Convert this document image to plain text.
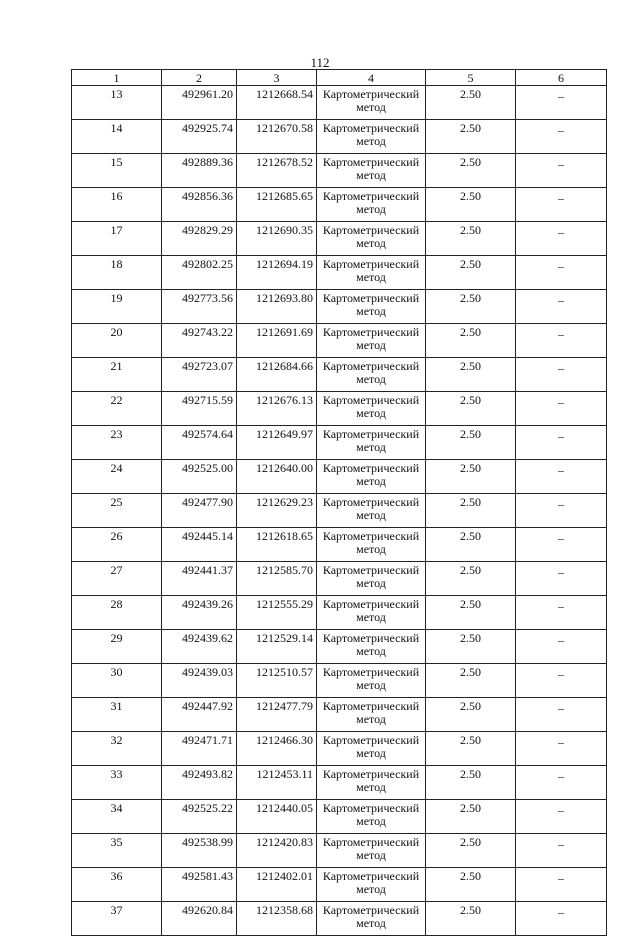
112
1	2	3	4	5	6
13	492961.20	1212668.54	Картометрический метод	2.50	–
14	492925.74	1212670.58	Картометрический метод	2.50	–
15	492889.36	1212678.52	Картометрический метод	2.50	–
16	492856.36	1212685.65	Картометрический метод	2.50	–
17	492829.29	1212690.35	Картометрический метод	2.50	–
18	492802.25	1212694.19	Картометрический метод	2.50	–
19	492773.56	1212693.80	Картометрический метод	2.50	–
20	492743.22	1212691.69	Картометрический метод	2.50	–
21	492723.07	1212684.66	Картометрический метод	2.50	–
22	492715.59	1212676.13	Картометрический метод	2.50	–
23	492574.64	1212649.97	Картометрический метод	2.50	–
24	492525.00	1212640.00	Картометрический метод	2.50	–
25	492477.90	1212629.23	Картометрический метод	2.50	–
26	492445.14	1212618.65	Картометрический метод	2.50	–
27	492441.37	1212585.70	Картометрический метод	2.50	–
28	492439.26	1212555.29	Картометрический метод	2.50	–
29	492439.62	1212529.14	Картометрический метод	2.50	–
30	492439.03	1212510.57	Картометрический метод	2.50	–
31	492447.92	1212477.79	Картометрический метод	2.50	–
32	492471.71	1212466.30	Картометрический метод	2.50	–
33	492493.82	1212453.11	Картометрический метод	2.50	–
34	492525.22	1212440.05	Картометрический метод	2.50	–
35	492538.99	1212420.83	Картометрический метод	2.50	–
36	492581.43	1212402.01	Картометрический метод	2.50	–
37	492620.84	1212358.68	Картометрический метод	2.50	–
